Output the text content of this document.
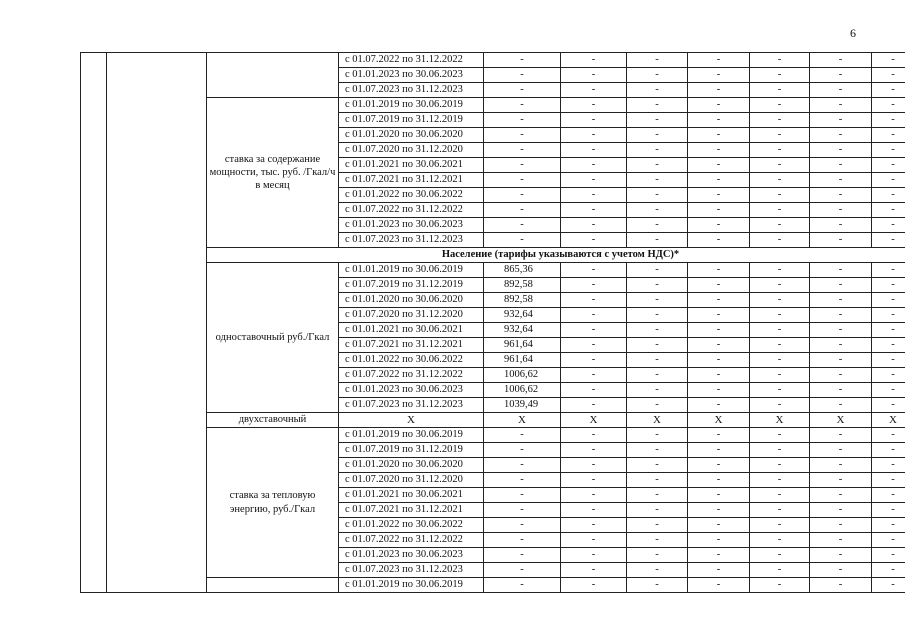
6
			с 01.07.2022 по 31.12.2022	-	-	-	-	-	-	-
			с 01.01.2023 по 30.06.2023	-	-	-	-	-	-	-
			с 01.07.2023 по 31.12.2023	-	-	-	-	-	-	-
		ставка за содержание мощности, тыс. руб. /Гкал/ч в месяц	с 01.01.2019 по 30.06.2019	-	-	-	-	-	-	-
			с 01.07.2019 по 31.12.2019	-	-	-	-	-	-	-
			с 01.01.2020 по 30.06.2020	-	-	-	-	-	-	-
			с 01.07.2020 по 31.12.2020	-	-	-	-	-	-	-
			с 01.01.2021 по 30.06.2021	-	-	-	-	-	-	-
			с 01.07.2021 по 31.12.2021	-	-	-	-	-	-	-
			с 01.01.2022 по 30.06.2022	-	-	-	-	-	-	-
			с 01.07.2022 по 31.12.2022	-	-	-	-	-	-	-
			с 01.01.2023 по 30.06.2023	-	-	-	-	-	-	-
			с 01.07.2023 по 31.12.2023	-	-	-	-	-	-	-
		Население (тарифы указываются с учетом НДС)*								
		одноставочный руб./Гкал	с 01.01.2019 по 30.06.2019	865,36	-	-	-	-	-	-
			с 01.07.2019 по 31.12.2019	892,58	-	-	-	-	-	-
			с 01.01.2020 по 30.06.2020	892,58	-	-	-	-	-	-
			с 01.07.2020 по 31.12.2020	932,64	-	-	-	-	-	-
			с 01.01.2021 по 30.06.2021	932,64	-	-	-	-	-	-
			с 01.07.2021 по 31.12.2021	961,64	-	-	-	-	-	-
			с 01.01.2022 по 30.06.2022	961,64	-	-	-	-	-	-
			с 01.07.2022 по 31.12.2022	1006,62	-	-	-	-	-	-
			с 01.01.2023 по 30.06.2023	1006,62	-	-	-	-	-	-
			с 01.07.2023 по 31.12.2023	1039,49	-	-	-	-	-	-
		двухставочный	X	X	X	X	X	X	X	X
		ставка за тепловую энергию, руб./Гкал	с 01.01.2019 по 30.06.2019	-	-	-	-	-	-	-
			с 01.07.2019 по 31.12.2019	-	-	-	-	-	-	-
			с 01.01.2020 по 30.06.2020	-	-	-	-	-	-	-
			с 01.07.2020 по 31.12.2020	-	-	-	-	-	-	-
			с 01.01.2021 по 30.06.2021	-	-	-	-	-	-	-
			с 01.07.2021 по 31.12.2021	-	-	-	-	-	-	-
			с 01.01.2022 по 30.06.2022	-	-	-	-	-	-	-
			с 01.07.2022 по 31.12.2022	-	-	-	-	-	-	-
			с 01.01.2023 по 30.06.2023	-	-	-	-	-	-	-
			с 01.07.2023 по 31.12.2023	-	-	-	-	-	-	-
			с 01.01.2019 по 30.06.2019	-	-	-	-	-	-	-
